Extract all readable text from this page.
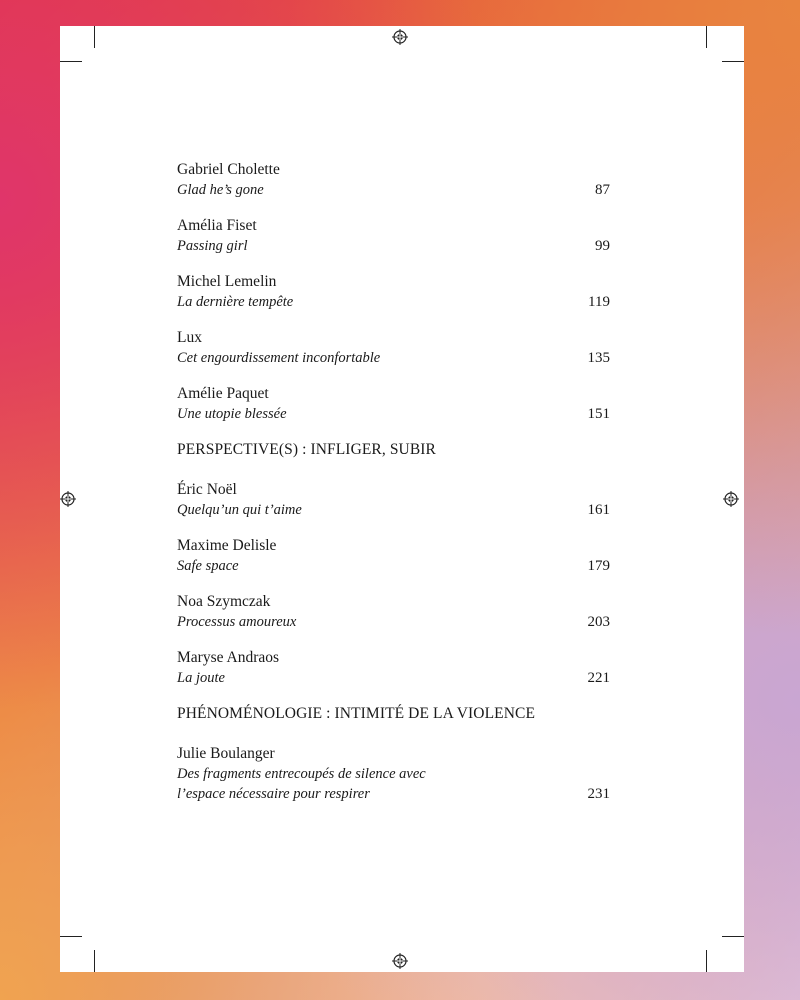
Gabriel Cholette
Glad he’s gone	87
Amélia Fiset
Passing girl	99
Michel Lemelin
La dernière tempête	119
Lux
Cet engourdissement inconfortable	135
Amélie Paquet
Une utopie blessée	151
PERSPECTIVE(S) : INFLIGER, SUBIR
Éric Noël
Quelqu’un qui t’aime	161
Maxime Delisle
Safe space	179
Noa Szymczak
Processus amoureux	203
Maryse Andraos
La joute	221
PHÉNOMÉNOLOGIE : INTIMITÉ DE LA VIOLENCE
Julie Boulanger
Des fragments entrecoupés de silence avec
l’espace nécessaire pour respirer	231
